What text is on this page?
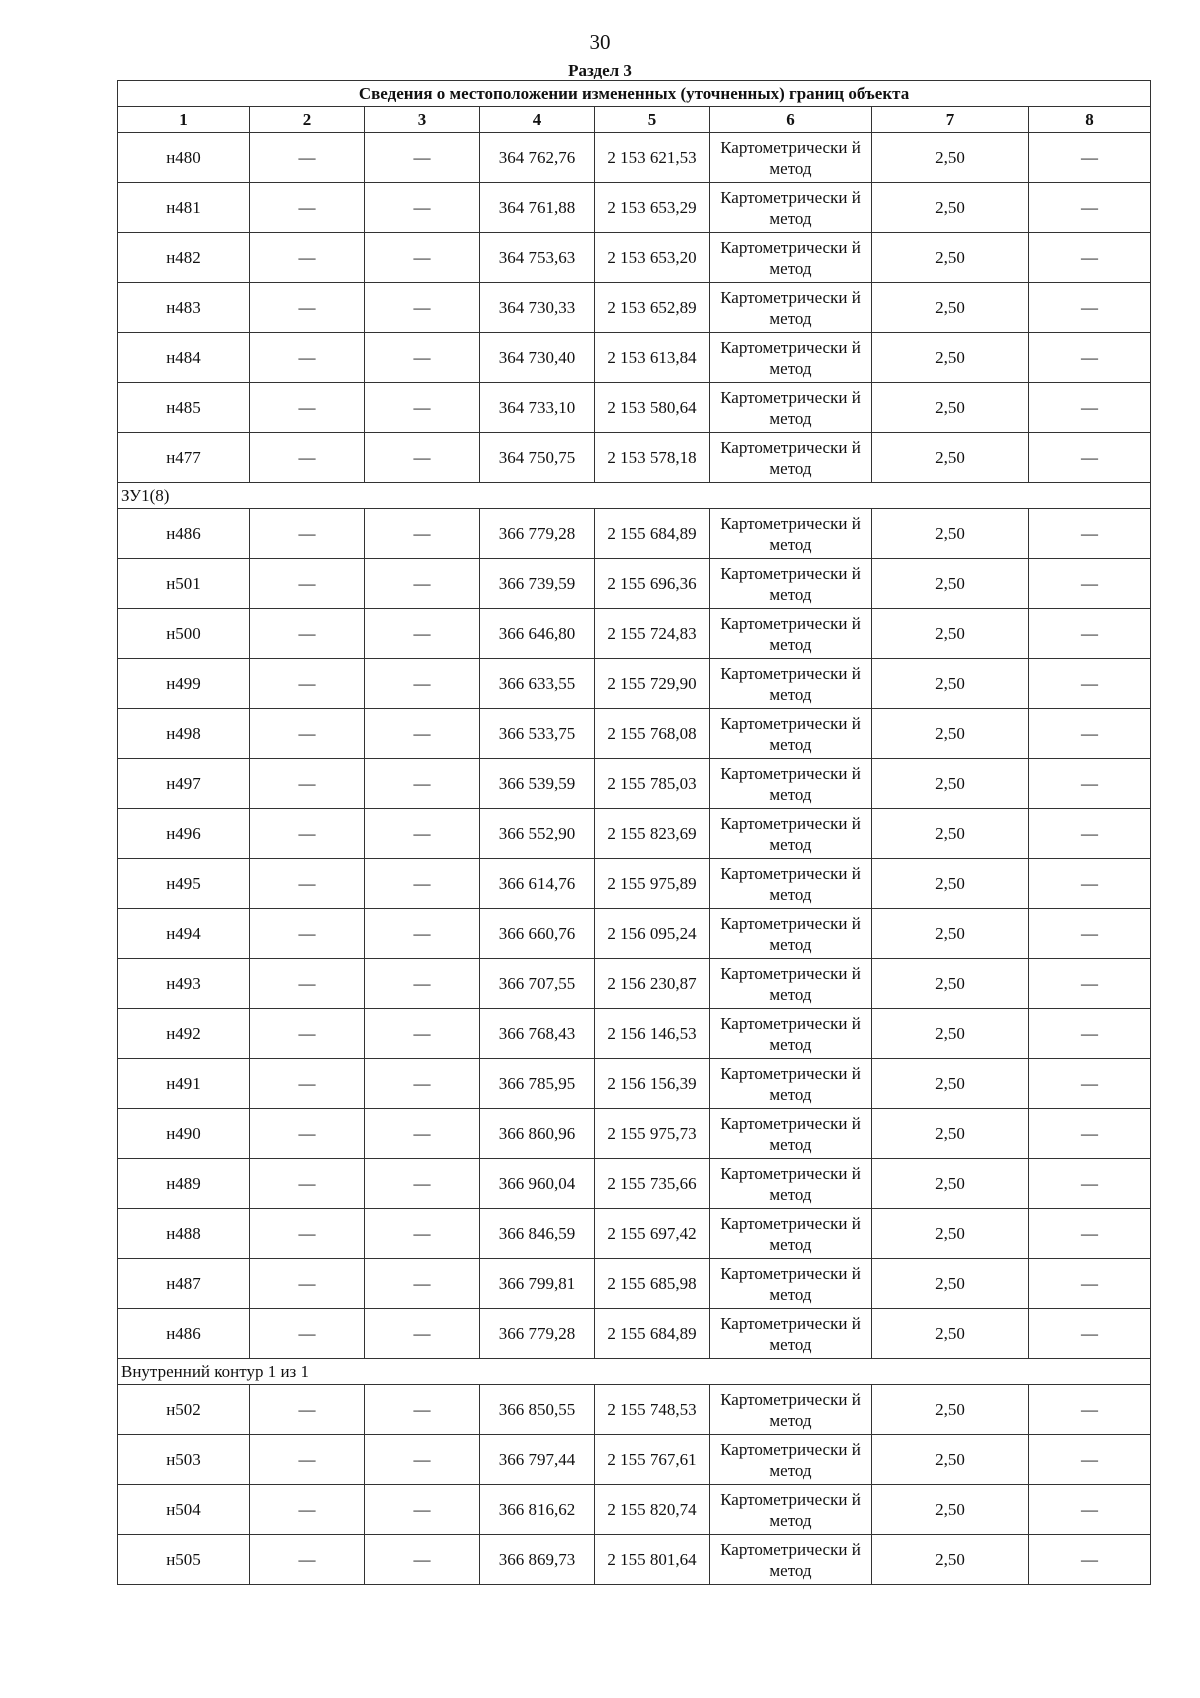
30
Раздел 3
Сведения о местоположении измененных (уточненных) границ объекта							
1	2	3	4	5	6	7	8
н480	—	—	364 762,76	2 153 621,53	Картометрически й метод	2,50	—
н481	—	—	364 761,88	2 153 653,29	Картометрически й метод	2,50	—
н482	—	—	364 753,63	2 153 653,20	Картометрически й метод	2,50	—
н483	—	—	364 730,33	2 153 652,89	Картометрически й метод	2,50	—
н484	—	—	364 730,40	2 153 613,84	Картометрически й метод	2,50	—
н485	—	—	364 733,10	2 153 580,64	Картометрически й метод	2,50	—
н477	—	—	364 750,75	2 153 578,18	Картометрически й метод	2,50	—
ЗУ1(8)							
н486	—	—	366 779,28	2 155 684,89	Картометрически й метод	2,50	—
н501	—	—	366 739,59	2 155 696,36	Картометрически й метод	2,50	—
н500	—	—	366 646,80	2 155 724,83	Картометрически й метод	2,50	—
н499	—	—	366 633,55	2 155 729,90	Картометрически й метод	2,50	—
н498	—	—	366 533,75	2 155 768,08	Картометрически й метод	2,50	—
н497	—	—	366 539,59	2 155 785,03	Картометрически й метод	2,50	—
н496	—	—	366 552,90	2 155 823,69	Картометрически й метод	2,50	—
н495	—	—	366 614,76	2 155 975,89	Картометрически й метод	2,50	—
н494	—	—	366 660,76	2 156 095,24	Картометрически й метод	2,50	—
н493	—	—	366 707,55	2 156 230,87	Картометрически й метод	2,50	—
н492	—	—	366 768,43	2 156 146,53	Картометрически й метод	2,50	—
н491	—	—	366 785,95	2 156 156,39	Картометрически й метод	2,50	—
н490	—	—	366 860,96	2 155 975,73	Картометрически й метод	2,50	—
н489	—	—	366 960,04	2 155 735,66	Картометрически й метод	2,50	—
н488	—	—	366 846,59	2 155 697,42	Картометрически й метод	2,50	—
н487	—	—	366 799,81	2 155 685,98	Картометрически й метод	2,50	—
н486	—	—	366 779,28	2 155 684,89	Картометрически й метод	2,50	—
Внутренний контур 1 из 1							
н502	—	—	366 850,55	2 155 748,53	Картометрически й метод	2,50	—
н503	—	—	366 797,44	2 155 767,61	Картометрически й метод	2,50	—
н504	—	—	366 816,62	2 155 820,74	Картометрически й метод	2,50	—
н505	—	—	366 869,73	2 155 801,64	Картометрически й метод	2,50	—
